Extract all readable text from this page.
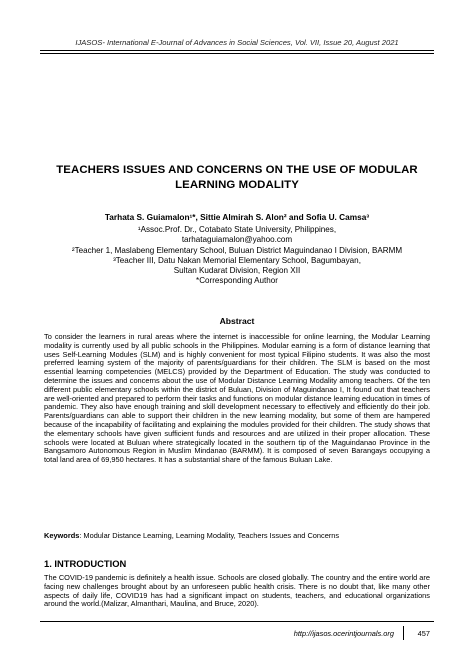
IJASOS- International E-Journal of Advances in Social Sciences, Vol. VII, Issue 20, August 2021
TEACHERS ISSUES AND CONCERNS ON THE USE OF MODULAR
LEARNING MODALITY
Tarhata S. Guiamalon¹*, Sittie Almirah S. Alon² and Sofia U. Camsa³
¹Assoc.Prof. Dr., Cotabato State University, Philippines,
tarhataguiamalon@yahoo.com
²Teacher 1, Maslabeng Elementary School, Buluan District Maguindanao I Division, BARMM
³Teacher III, Datu Nakan Memorial Elementary School, Bagumbayan,
Sultan Kudarat Division, Region XII
*Corresponding Author
Abstract

To consider the learners in rural areas where the internet is inaccessible for online learning, the Modular Learning modality is currently used by all public schools in the Philippines. Modular earning is a form of distance learning that uses Self-Learning Modules (SLM) and is highly convenient for most typical Filipino students. It was also the most preferred learning system of the majority of parents/guardians for their children. The SLM is based on the most essential learning competencies (MELCS) provided by the Department of Education. The study was conducted to determine the issues and concerns about the use of Modular Distance Learning Modality among teachers. Of the ten different public elementary schools within the district of Buluan, Division of Maguindanao I, It found out that teachers are well-oriented and prepared to perform their tasks and functions on modular distance learning education in times of pandemic. They also have enough training and skill development necessary to effectively and efficiently do their job. Parents/guardians can able to support their children in the new learning modality, but some of them are hampered because of the incapability of facilitating and explaining the modules provided for their children. The study shows that the elementary schools have given sufficient funds and resources and are utilized in their proper allocation. These schools were located at Buluan where strategically located in the southern tip of the Maguindanao Province in the Bangsamoro Autonomous Region in Muslim Mindanao (BARMM). It is composed of seven Barangays occupying a total land area of 69,950 hectares. It has a substantial share of the famous Buluan Lake.

Keywords: Modular Distance Learning, Learning Modality, Teachers Issues and Concerns
1. INTRODUCTION

The COVID-19 pandemic is definitely a health issue. Schools are closed globally. The country and the entire world are facing new challenges brought about by an unforeseen public health crisis. There is no doubt that, like many other aspects of daily life, COVID19 has had a significant impact on students, teachers, and educational organizations around the world.(Malizar, Almanthari, Maulina, and Bruce, 2020).

http://ijasos.ocerintjournals.org	457
